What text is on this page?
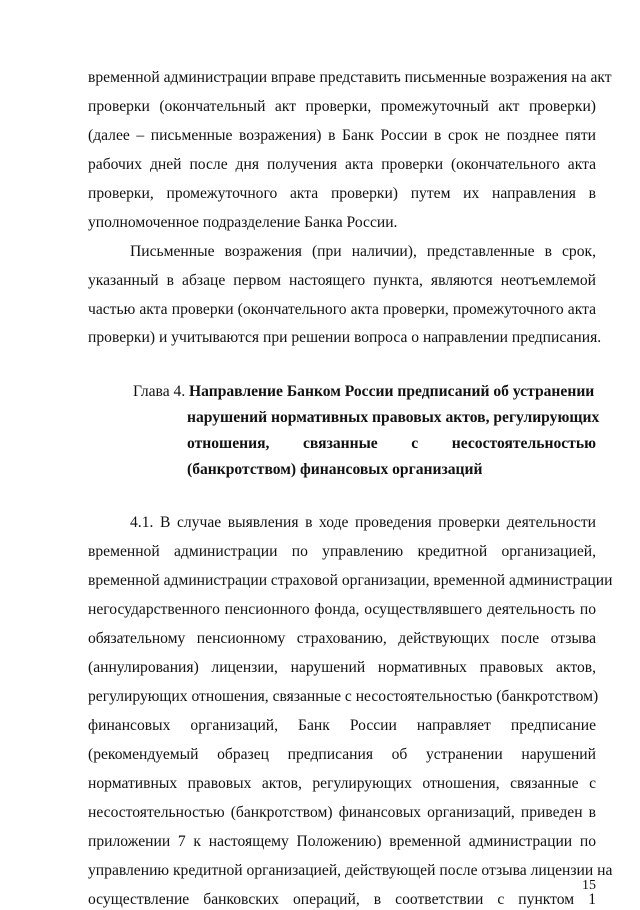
временной администрации вправе представить письменные возражения на акт
проверки (окончательный акт проверки, промежуточный акт проверки)
(далее – письменные возражения) в Банк России в срок не позднее пяти
рабочих дней после дня получения акта проверки (окончательного акта
проверки, промежуточного акта проверки) путем их направления в
уполномоченное подразделение Банка России.
Письменные возражения (при наличии), представленные в срок,
указанный в абзаце первом настоящего пункта, являются неотъемлемой
частью акта проверки (окончательного акта проверки, промежуточного акта
проверки) и учитываются при решении вопроса о направлении предписания.
Глава 4. Направление Банком России предписаний об устранении
нарушений нормативных правовых актов, регулирующих
отношения, связанные с несостоятельностью
(банкротством) финансовых организаций
4.1. В случае выявления в ходе проведения проверки деятельности
временной администрации по управлению кредитной организацией,
временной администрации страховой организации, временной администрации
негосударственного пенсионного фонда, осуществлявшего деятельность по
обязательному пенсионному страхованию, действующих после отзыва
(аннулирования) лицензии, нарушений нормативных правовых актов,
регулирующих отношения, связанные с несостоятельностью (банкротством)
финансовых организаций, Банк России направляет предписание
(рекомендуемый образец предписания об устранении нарушений
нормативных правовых актов, регулирующих отношения, связанные с
несостоятельностью (банкротством) финансовых организаций, приведен в
приложении 7 к настоящему Положению) временной администрации по
управлению кредитной организацией, действующей после отзыва лицензии на
осуществление банковских операций, в соответствии с пунктом 1
15
